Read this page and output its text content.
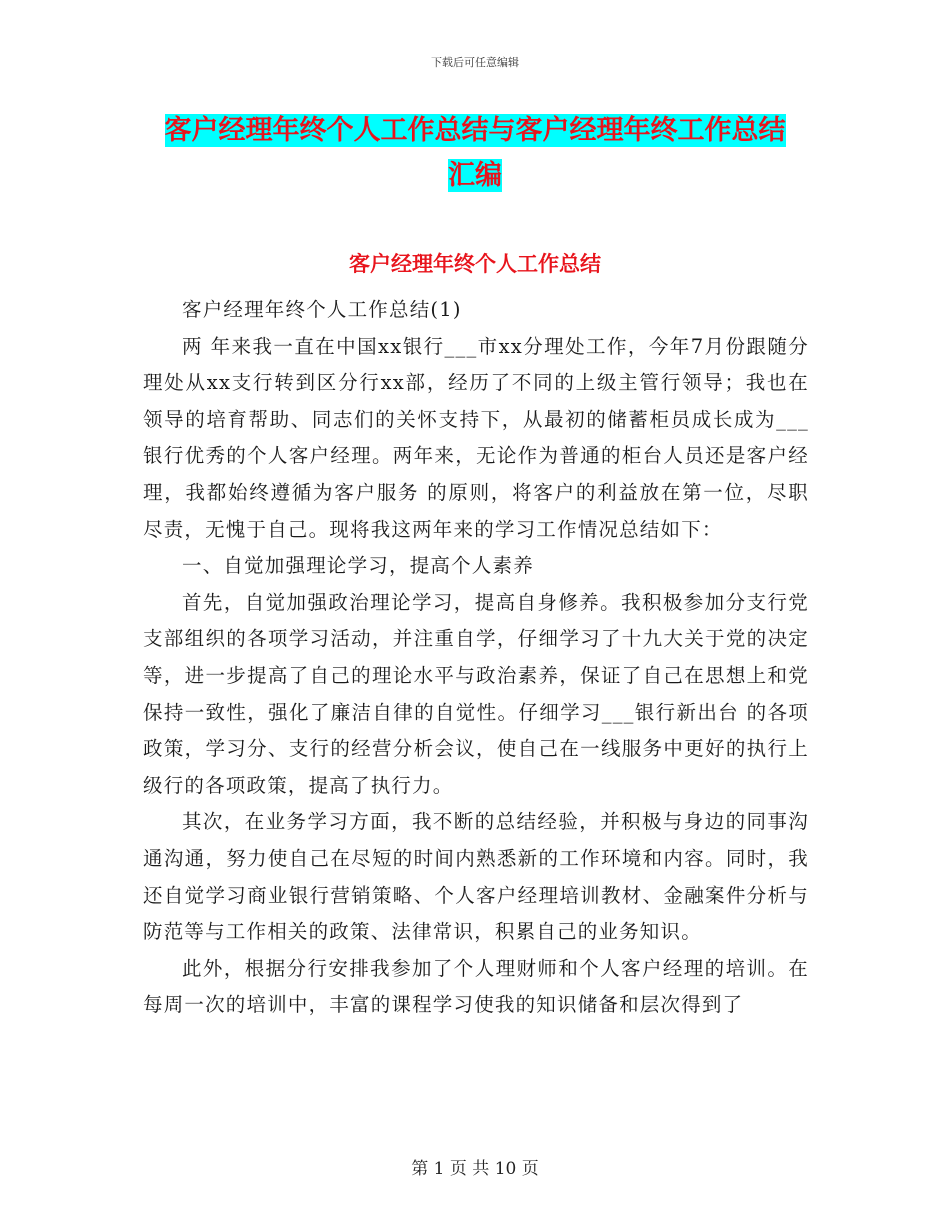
下载后可任意编辑
客户经理年终个人工作总结与客户经理年终工作总结
汇编
客户经理年终个人工作总结

客户经理年终个人工作总结(1)

两 年来我一直在中国xx银行___市xx分理处工作，今年7月份跟随分理处从xx支行转到区分行xx部，经历了不同的上级主管行领导；我也在领导的培育帮助、同志们的关怀支持下，从最初的储蓄柜员成长成为___银行优秀的个人客户经理。两年来，无论作为普通的柜台人员还是客户经理，我都始终遵循为客户服务 的原则，将客户的利益放在第一位，尽职尽责，无愧于自己。现将我这两年来的学习工作情况总结如下：

一、自觉加强理论学习，提高个人素养

首先，自觉加强政治理论学习，提高自身修养。我积极参加分支行党支部组织的各项学习活动，并注重自学，仔细学习了十九大关于党的决定等，进一步提高了自己的理论水平与政治素养，保证了自己在思想上和党保持一致性，强化了廉洁自律的自觉性。仔细学习___银行新出台 的各项政策，学习分、支行的经营分析会议，使自己在一线服务中更好的执行上级行的各项政策，提高了执行力。

其次，在业务学习方面，我不断的总结经验，并积极与身边的同事沟通沟通，努力使自己在尽短的时间内熟悉新的工作环境和内容。同时，我还自觉学习商业银行营销策略、个人客户经理培训教材、金融案件分析与防范等与工作相关的政策、法律常识，积累自己的业务知识。

此外，根据分行安排我参加了个人理财师和个人客户经理的培训。在每周一次的培训中，丰富的课程学习使我的知识储备和层次得到了

第 1 页 共 10 页
